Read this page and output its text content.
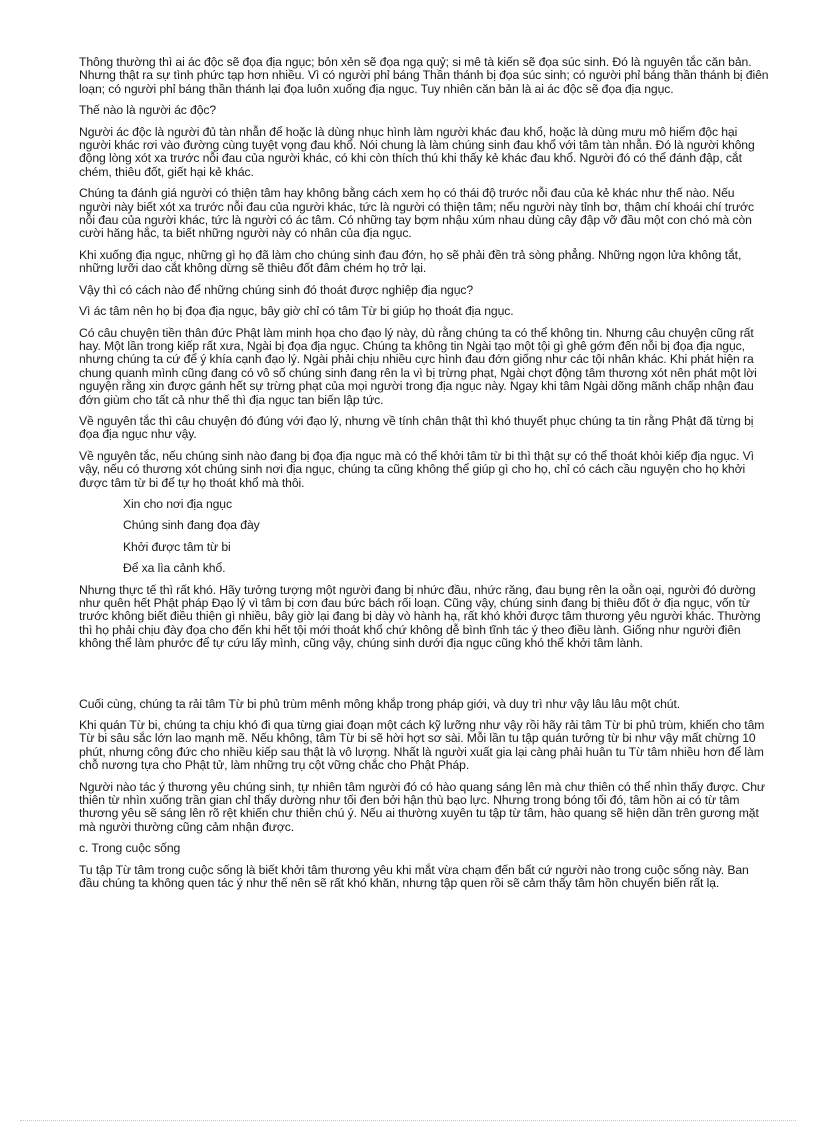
Thông thường thì ai ác độc sẽ đọa địa ngục; bỏn xẻn sẽ đọa ngạ quỷ; si mê tà kiến sẽ đọa súc sinh. Đó là nguyên tắc căn bản. Nhưng thật ra sự tình phức tạp hơn nhiều. Vì có người phỉ báng Thần thánh bị đọa súc sinh; có người phỉ báng thần thánh bị điên loạn; có người phỉ báng thần thánh lại đọa luôn xuống địa ngục. Tuy nhiên căn bản là ai ác độc sẽ đọa địa ngục.

Thế nào là người ác độc?

Người ác độc là người đủ tàn nhẫn để hoặc là dùng nhục hình làm người khác đau khổ, hoặc là dùng mưu mô hiểm độc hại người khác rơi vào đường cùng tuyệt vọng đau khổ. Nói chung là làm chúng sinh đau khổ với tâm tàn nhẫn. Đó là người không động lòng xót xa trước nỗi đau của người khác, có khi còn thích thú khi thấy kẻ khác đau khổ. Người đó có thể đánh đập, cắt chém, thiêu đốt, giết hại kẻ khác.

Chúng ta đánh giá người có thiện tâm hay không bằng cách xem họ có thái độ trước nỗi đau của kẻ khác như thế nào. Nếu người này biết xót xa trước nỗi đau của người khác, tức là người có thiện tâm; nếu người này tỉnh bơ, thậm chí khoái chí trước nỗi đau của người khác, tức là người có ác tâm. Có những tay bợm nhậu xúm nhau dùng cây đập vỡ đầu một con chó mà còn cười hăng hắc, ta biết những người này có nhân của địa ngục.

Khi xuống địa ngục, những gì họ đã làm cho chúng sinh đau đớn, họ sẽ phải đền trả sòng phẳng. Những ngọn lửa không tắt, những lưỡi dao cắt không dừng sẽ thiêu đốt đâm chém họ trở lại.

Vậy thì có cách nào để những chúng sinh đó thoát được nghiệp địa ngục?

Vì ác tâm nên họ bị đọa địa ngục, bây giờ chỉ có tâm Từ bi giúp họ thoát địa ngục.

Có câu chuyện tiền thân đức Phật làm minh họa cho đạo lý này, dù rằng chúng ta có thể không tin. Nhưng câu chuyện cũng rất hay. Một lần trong kiếp rất xưa, Ngài bị đọa địa ngục. Chúng ta không tin Ngài tạo một tội gì ghê gớm đến nỗi bị đọa địa ngục, nhưng chúng ta cứ để ý khía cạnh đạo lý. Ngài phải chịu nhiều cực hình đau đớn giống như các tội nhân khác. Khi phát hiện ra chung quanh mình cũng đang có vô số chúng sinh đang rên la vì bị trừng phạt, Ngài chợt động tâm thương xót nên phát một lời nguyện rằng xin được gánh hết sự trừng phạt của mọi người trong địa ngục này. Ngay khi tâm Ngài dõng mãnh chấp nhận đau đớn giùm cho tất cả như thế thì địa ngục tan biến lập tức.

Về nguyên tắc thì câu chuyện đó đúng với đạo lý, nhưng về tính chân thật thì khó thuyết phục chúng ta tin rằng Phật đã từng bị đọa địa ngục như vậy.

Về nguyên tắc, nếu chúng sinh nào đang bị đọa địa ngục mà có thể khởi tâm từ bi thì thật sự có thể thoát khỏi kiếp địa ngục. Vì vậy, nếu có thương xót chúng sinh nơi địa ngục, chúng ta cũng không thể giúp gì cho họ, chỉ có cách cầu nguyện cho họ khởi được tâm từ bi để tự họ thoát khổ mà thôi.

Xin cho nơi địa ngục

Chúng sinh đang đọa đày

Khởi được tâm từ bi

Để xa lìa cảnh khổ.

Nhưng thực tế thì rất khó. Hãy tưởng tượng một người đang bị nhức đầu, nhức răng, đau bụng rên la oằn oại, người đó dường như quên hết Phật pháp Đạo lý vì tâm bị cơn đau bức bách rối loạn. Cũng vậy, chúng sinh đang bị thiêu đốt ở địa ngục, vốn từ trước không biết điều thiện gì nhiều, bây giờ lại đang bị dày vò hành hạ, rất khó khởi được tâm thương yêu người khác. Thường thì họ phải chịu đày đọa cho đến khi hết tội mới thoát khổ chứ không dễ bình tĩnh tác ý theo điều lành. Giống như người điên không thể làm phước để tự cứu lấy mình, cũng vậy, chúng sinh dưới địa ngục cũng khó thể khởi tâm lành.

Cuối cùng, chúng ta rải tâm Từ bi phủ trùm mênh mông khắp trong pháp giới, và duy trì như vậy lâu lâu một chút.

Khi quán Từ bi, chúng ta chịu khó đi qua từng giai đoạn một cách kỹ lưỡng như vậy rồi hãy rải tâm Từ bi phủ trùm, khiến cho tâm Từ bi sâu sắc lớn lao mạnh mẽ. Nếu không, tâm Từ bi sẽ hời hợt sơ sài. Mỗi lần tu tập quán tưởng từ bi như vậy mất chừng 10 phút, nhưng công đức cho nhiều kiếp sau thật là vô lượng. Nhất là người xuất gia lại càng phải huân tu Từ tâm nhiều hơn để làm chỗ nương tựa cho Phật tử, làm những trụ cột vững chắc cho Phật Pháp.

Người nào tác ý thương yêu chúng sinh, tự nhiên tâm người đó có hào quang sáng lên mà chư thiên có thể nhìn thấy được. Chư thiên từ nhìn xuống trần gian chỉ thấy dường như tối đen bởi hận thù bạo lực. Nhưng trong bóng tối đó, tâm hồn ai có từ tâm thương yêu sẽ sáng lên rõ rệt khiến chư thiên chú ý. Nếu ai thường xuyên tu tập từ tâm, hào quang sẽ hiện dần trên gương mặt mà người thường cũng cảm nhận được.

c. Trong cuộc sống

Tu tập Từ tâm trong cuộc sống là biết khởi tâm thương yêu khi mắt vừa chạm đến bất cứ người nào trong cuộc sống này. Ban đầu chúng ta không quen tác ý như thế nên sẽ rất khó khăn, nhưng tập quen rồi sẽ cảm thấy tâm hồn chuyển biến rất lạ.
